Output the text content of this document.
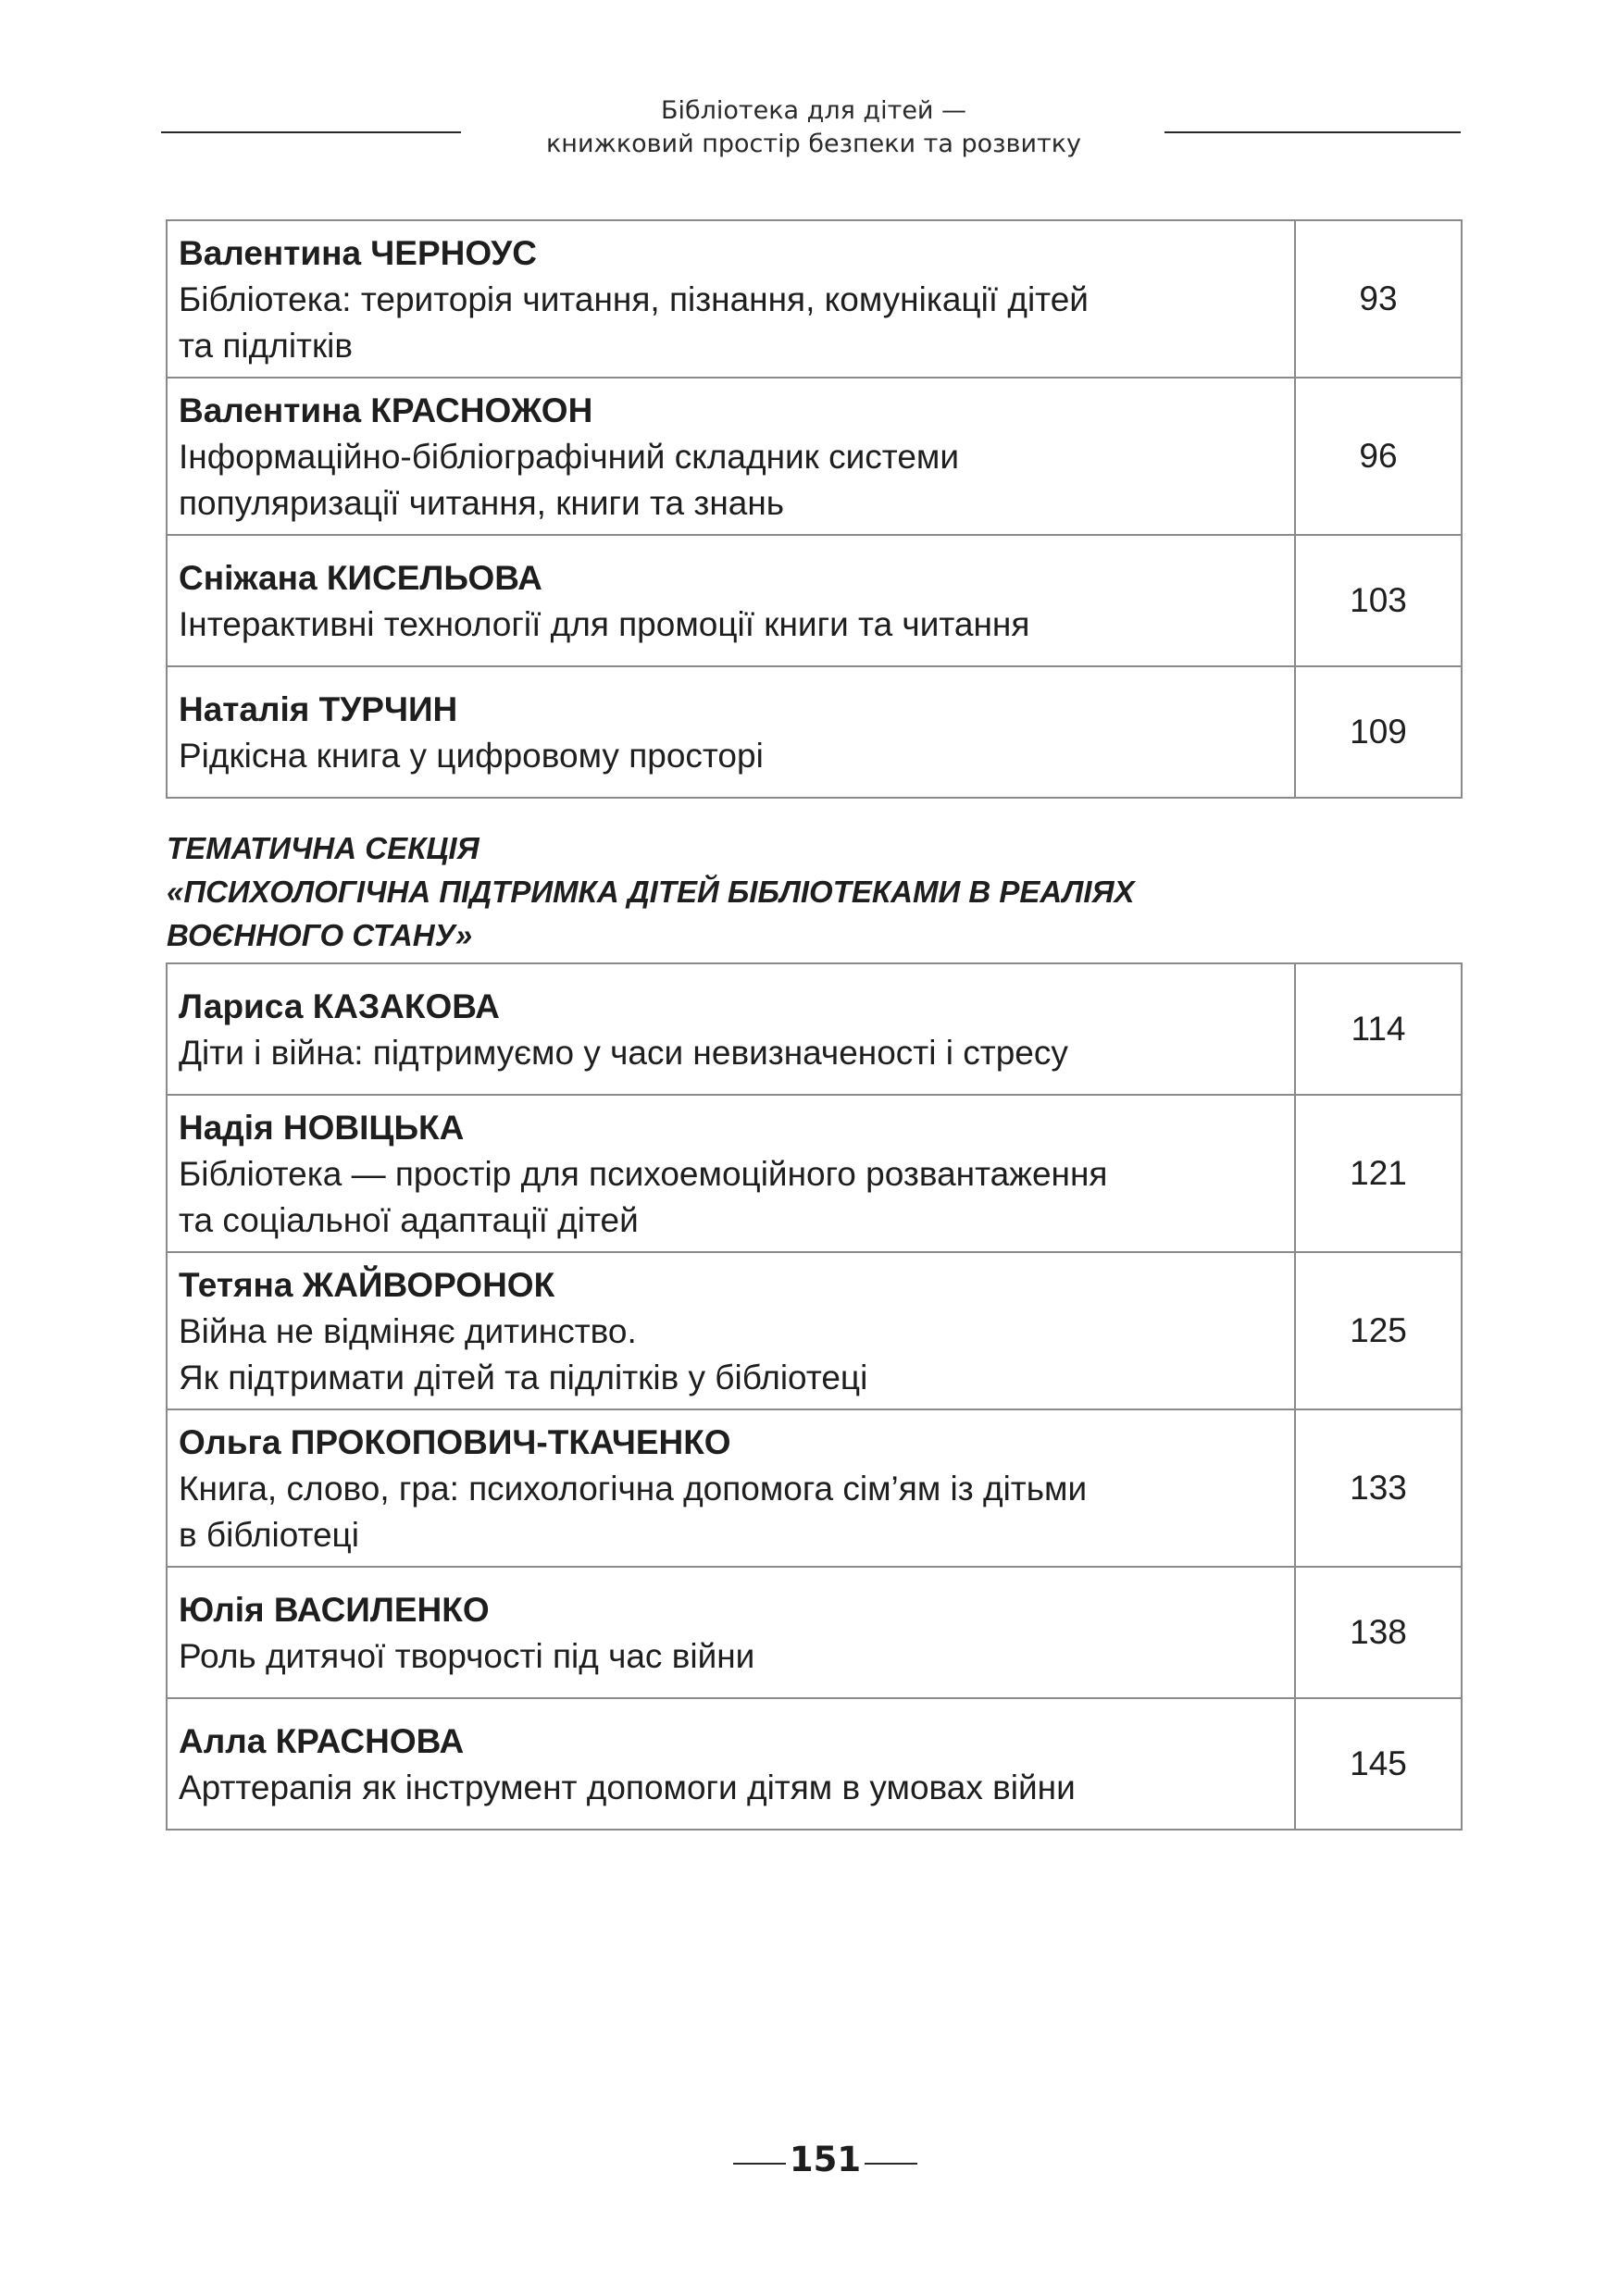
Бібліотека для дітей —
книжковий простір безпеки та розвитку
Валентина ЧЕРНОУС
Бібліотека: територія читання, пізнання, комунікації дітей
та підлітків	93

Валентина КРАСНОЖОН
Інформаційно-бібліографічний складник системи
популяризації читання, книги та знань	96

Сніжана КИСЕЛЬОВА
Інтерактивні технології для промоції книги та читання	103

Наталія ТУРЧИН
Рідкісна книга у цифровому просторі	109
ТЕМАТИЧНА СЕКЦІЯ
«ПСИХОЛОГІЧНА ПІДТРИМКА ДІТЕЙ БІБЛІОТЕКАМИ В РЕАЛІЯХ
ВОЄННОГО СТАНУ»
Лариса КАЗАКОВА
Діти і війна: підтримуємо у часи невизначеності і стресу	114

Надія НОВІЦЬКА
Бібліотека — простір для психоемоційного розвантаження
та соціальної адаптації дітей	121

Тетяна ЖАЙВОРОНОК
Війна не відміняє дитинство.
Як підтримати дітей та підлітків у бібліотеці	125

Ольга ПРОКОПОВИЧ-ТКАЧЕНКО
Книга, слово, гра: психологічна допомога сім’ям із дітьми
в бібліотеці	133

Юлія ВАСИЛЕНКО
Роль дитячої творчості під час війни	138

Алла КРАСНОВА
Арттерапія як інструмент допомоги дітям в умовах війни	145
151
